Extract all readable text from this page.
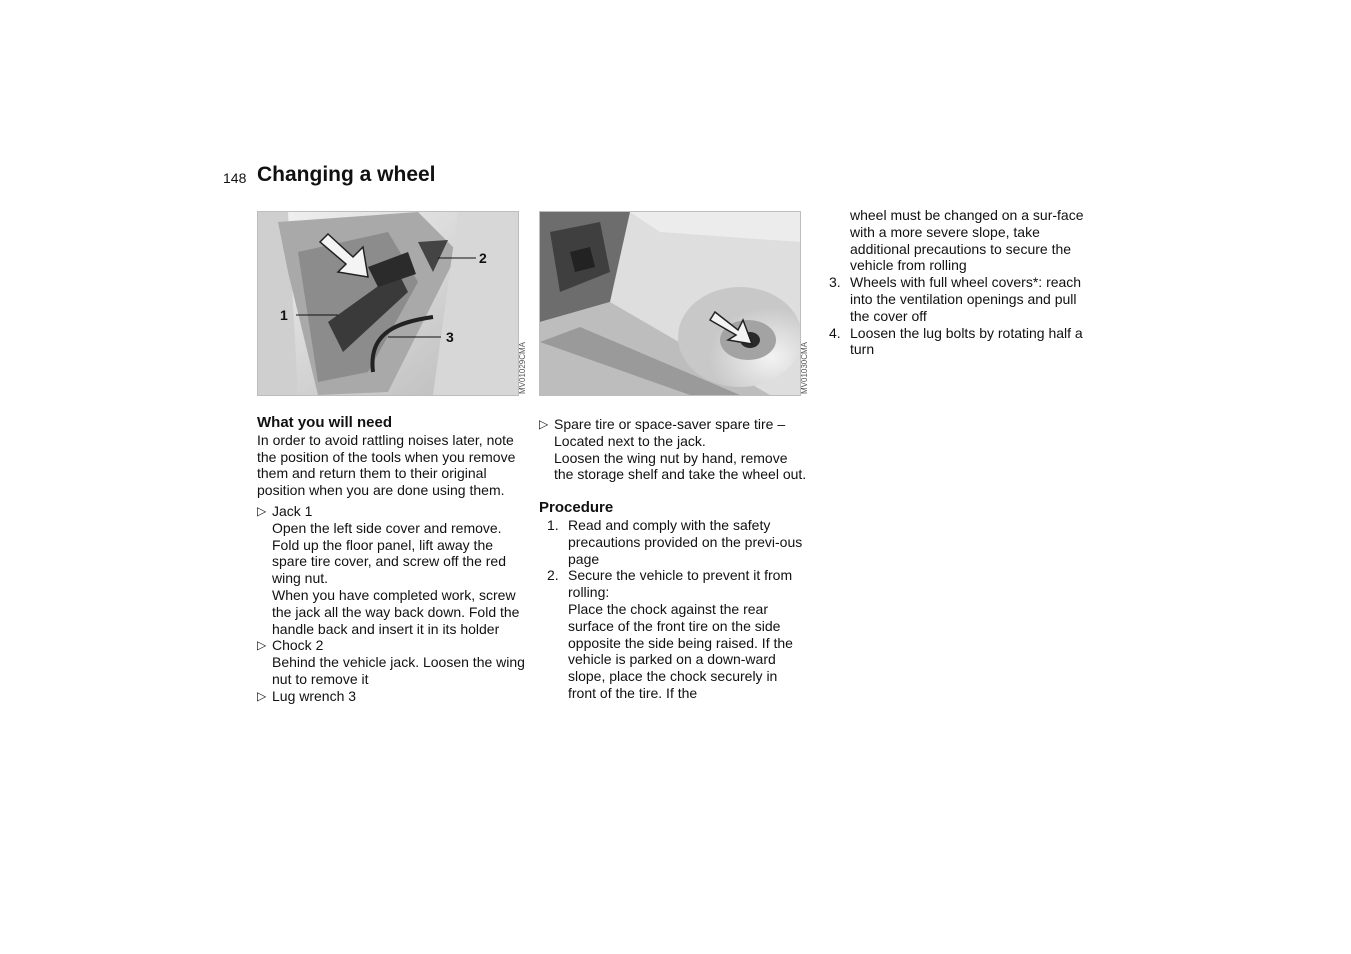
148 Changing a wheel
1
2
3
MV01029CMA	MV01030CMA

What you will need

In order to avoid rattling noises later, note the position of the tools when you remove them and return them to their original position when you are done using them.

▷ Jack 1

Open the left side cover and remove. Fold up the floor panel, lift away the spare tire cover, and screw off the red wing nut.

When you have completed work, screw the jack all the way back down. Fold the handle back and insert it in its holder

▷ Chock 2

Behind the vehicle jack. Loosen the wing nut to remove it

▷ Lug wrench 3

▷ Spare tire or space-saver spare tire – Located next to the jack.

Loosen the wing nut by hand, remove the storage shelf and take the wheel out.

Procedure

1. Read and comply with the safety precautions provided on the previ-ous page

2. Secure the vehicle to prevent it from rolling:

Place the chock against the rear surface of the front tire on the side opposite the side being raised. If the vehicle is parked on a down-ward slope, place the chock securely in front of the tire. If the

wheel must be changed on a sur-face with a more severe slope, take additional precautions to secure the vehicle from rolling

3. Wheels with full wheel covers*: reach into the ventilation openings and pull the cover off

4. Loosen the lug bolts by rotating half a turn
